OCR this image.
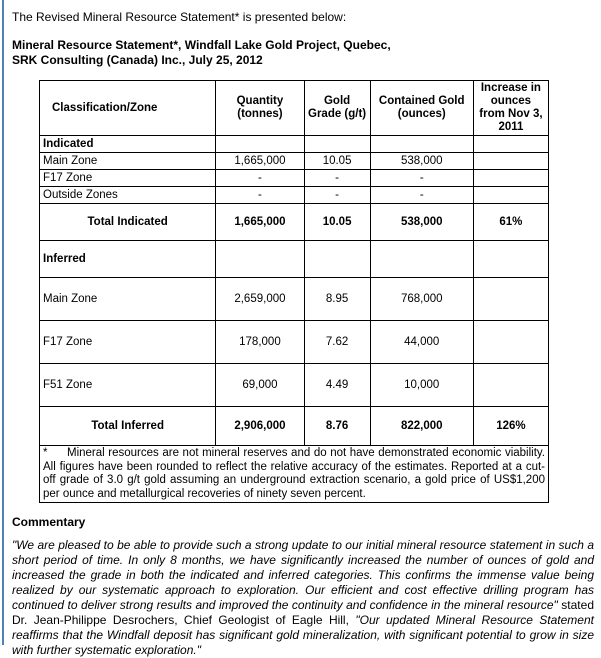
The Revised Mineral Resource Statement* is presented below:

Mineral Resource Statement*, Windfall Lake Gold Project, Quebec,
SRK Consulting (Canada) Inc., July 25, 2012
Classification/Zone	Quantity (tonnes)	Gold Grade (g/t)	Contained Gold (ounces)	Increase in ounces from Nov 3, 2011
Indicated				
Main Zone	1,665,000	10.05	538,000	
F17 Zone	-	-	-	
Outside Zones	-	-	-	
Total Indicated	1,665,000	10.05	538,000	61%
Inferred				
Main Zone	2,659,000	8.95	768,000	
F17 Zone	178,000	7.62	44,000	
F51 Zone	69,000	4.49	10,000	
Total Inferred	2,906,000	8.76	822,000	126%
* Mineral resources are not mineral reserves and do not have demonstrated economic viability. All figures have been rounded to reflect the relative accuracy of the estimates. Reported at a cut-off grade of 3.0 g/t gold assuming an underground extraction scenario, a gold price of US$1,200 per ounce and metallurgical recoveries of ninety seven percent.				

Commentary

"We are pleased to be able to provide such a strong update to our initial mineral resource statement in such a short period of time. In only 8 months, we have significantly increased the number of ounces of gold and increased the grade in both the indicated and inferred categories. This confirms the immense value being realized by our systematic approach to exploration. Our efficient and cost effective drilling program has continued to deliver strong results and improved the continuity and confidence in the mineral resource" stated Dr. Jean-Philippe Desrochers, Chief Geologist of Eagle Hill, "Our updated Mineral Resource Statement reaffirms that the Windfall deposit has significant gold mineralization, with significant potential to grow in size with further systematic exploration."
